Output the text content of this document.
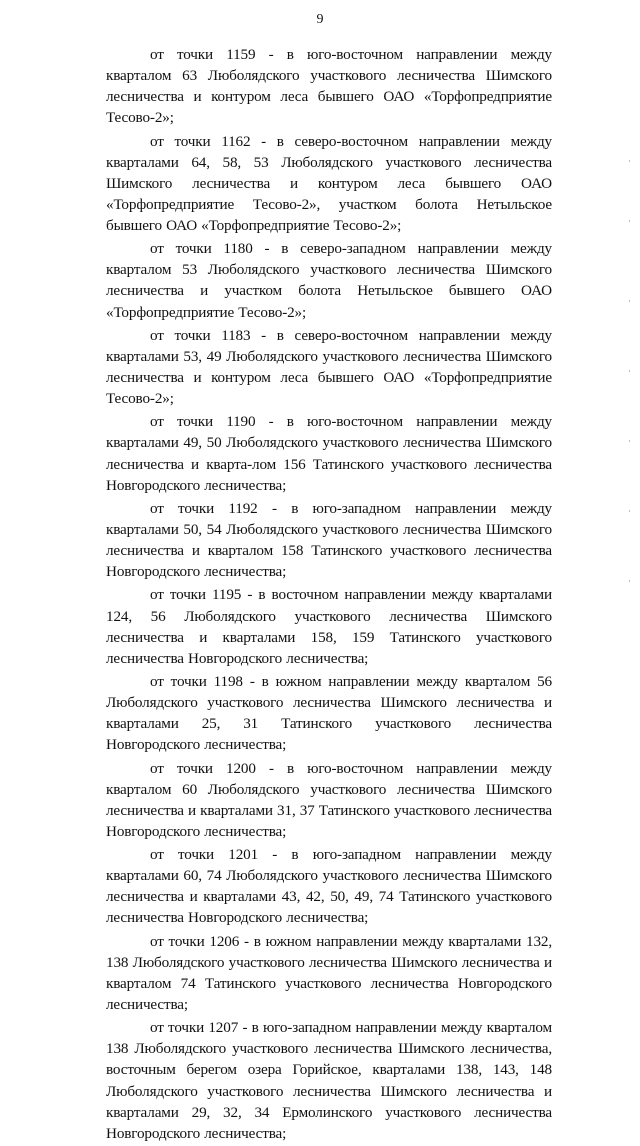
9

от точки 1159 - в юго-восточном направлении между кварталом 63 Люболядского участкового лесничества Шимского лесничества и контуром леса бывшего ОАО «Торфопредприятие Тесово-2»;

от точки 1162 - в северо-восточном направлении между кварталами 64, 58, 53 Люболядского участкового лесничества Шимского лесничества и контуром леса бывшего ОАО «Торфопредприятие Тесово-2», участком болота Нетыльское бывшего ОАО «Торфопредприятие Тесово-2»;

от точки 1180 - в северо-западном направлении между кварталом 53 Люболядского участкового лесничества Шимского лесничества и участком болота Нетыльское бывшего ОАО «Торфопредприятие Тесово-2»;

от точки 1183 - в северо-восточном направлении между кварталами 53, 49 Люболядского участкового лесничества Шимского лесничества и контуром леса бывшего ОАО «Торфопредприятие Тесово-2»;

от точки 1190 - в юго-восточном направлении между кварталами 49, 50 Люболядского участкового лесничества Шимского лесничества и квартa-лом 156 Татинского участкового лесничества Новгородского лесничества;

от точки 1192 - в юго-западном направлении между кварталами 50, 54 Люболядского участкового лесничества Шимского лесничества и кварталом 158 Татинского участкового лесничества Новгородского лесничества;

от точки 1195 - в восточном направлении между кварталами 124, 56 Люболядского участкового лесничества Шимского лесничества и кварталами 158, 159 Татинского участкового лесничества Новгородского лесничества;

от точки 1198 - в южном направлении между кварталом 56 Люболядского участкового лесничества Шимского лесничества и кварталами 25, 31 Татинского участкового лесничества Новгородского лесничества;

от точки 1200 - в юго-восточном направлении между кварталом 60 Люболядского участкового лесничества Шимского лесничества и кварталами 31, 37 Татинского участкового лесничества Новгородского лесничества;

от точки 1201 - в юго-западном направлении между кварталами 60, 74 Люболядского участкового лесничества Шимского лесничества и кварталами 43, 42, 50, 49, 74 Татинского участкового лесничества Новгородского лесничества;

от точки 1206 - в южном направлении между кварталами 132, 138 Люболядского участкового лесничества Шимского лесничества и кварталом 74 Татинского участкового лесничества Новгородского лесничества;

от точки 1207 - в юго-западном направлении между кварталом 138 Люболядского участкового лесничества Шимского лесничества, восточным берегом озера Горийское, кварталами 138, 143, 148 Люболядского участкового лесничества Шимского лесничества и кварталами 29, 32, 34 Ермолинского участкового лесничества Новгородского лесничества;
